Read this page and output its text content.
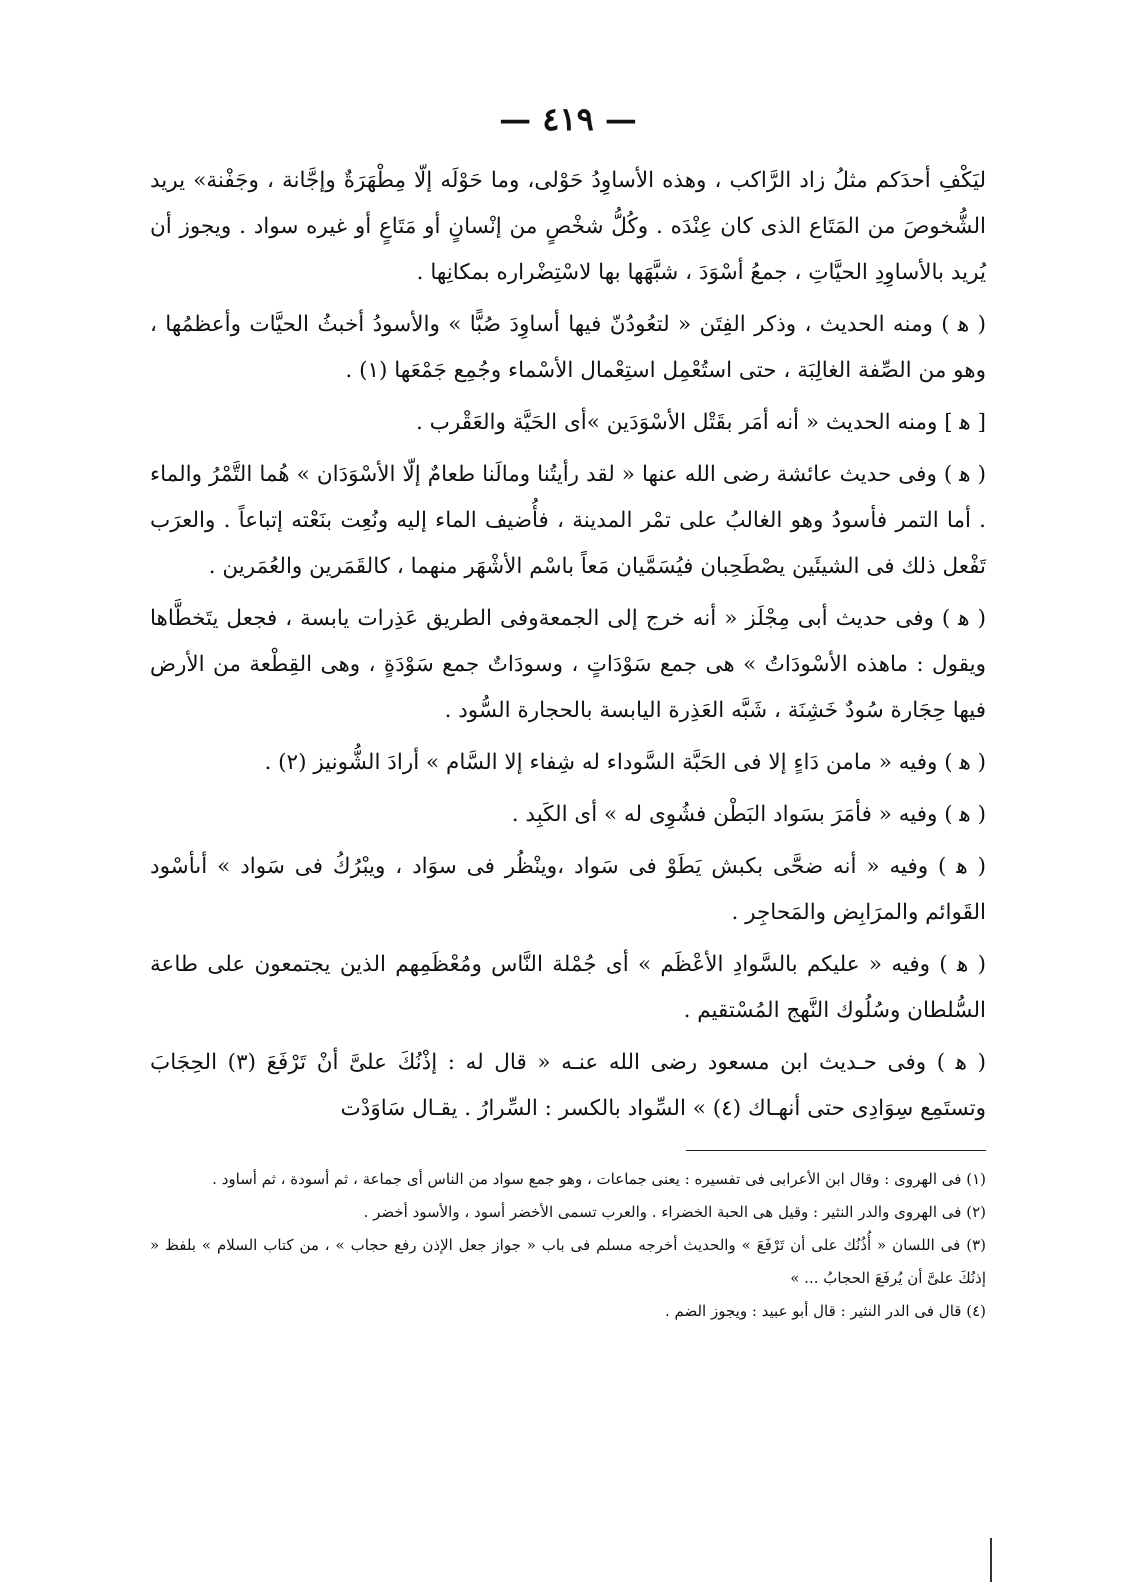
— ٤١٩ —

ليَكْفِ أحدَكم مثلُ زاد الرَّاكب ، وهذه الأساوِدُ حَوْلى، وما حَوْلَه إلّا مِطْهَرَةٌ وإجَّانة ، وجَفْنة» يريد الشُّخوصَ من المَتَاع الذى كان عِنْدَه . وكُلُّ شخْصٍ من إنْسانٍ أو مَتَاعٍ أو غيره سواد . ويجوز أن يُريد بالأساوِدِ الحيَّاتِ ، جمعُ أسْوَدَ ، شبَّهَها بها لاسْتِضْراره بمكانِها .

( ﻫ ) ومنه الحديث ، وذكر الفِتَن « لتعُودُنّ فيها أساوِدَ صُبًّا » والأسودُ أخبثُ الحيَّات وأعظمُها ، وهو من الصِّفة الغالِبَة ، حتى استُعْمِل استِعْمال الأسْماء وجُمِع جَمْعَها (١) .

[ ﻫ ] ومنه الحديث « أنه أمَر بقَتْل الأسْوَدَين »أى الحَيَّة والعَقْرب .

( ﻫ ) وفى حديث عائشة رضى الله عنها « لقد رأيتُنا ومالَنا طعامٌ إلّا الأسْوَدَان » هُما التَّمْرُ والماء . أما التمر فأسودُ وهو الغالبُ على تمْر المدينة ، فأُضيف الماء إليه ونُعِت بنَعْته إتباعاً . والعرَب تَفْعل ذلك فى الشيئَين يصْطَحِبان فيُسَمَّيان مَعاً باسْم الأشْهَر منهما ، كالقَمَرين والعُمَرين .

( ﻫ ) وفى حديث أبى مِجْلَز « أنه خرج إلى الجمعةوفى الطريق عَذِرات يابسة ، فجعل يتَخطَّاها ويقول : ماهذه الأسْودَاتُ » هى جمع سَوْدَاتٍ ، وسودَاتٌ جمع سَوْدَةٍ ، وهى القِطْعة من الأرض فيها حِجَارة سُودٌ خَشِنَة ، شَبَّه العَذِرة اليابسة بالحجارة السُّود .

( ﻫ ) وفيه « مامن دَاءٍ إلا فى الحَبَّة السَّوداء له شِفاء إلا السَّام » أرادَ الشُّونيز (٢) .

( ﻫ ) وفيه « فأمَرَ بسَواد البَطْن فشُوِى له » أى الكَبِد .

( ﻫ ) وفيه « أنه ضحَّى بكبش يَطَوْ فى سَواد ،وينْظُر فى سوَاد ، ويبْرُكُ فى سَواد » أىأسْود القَوائم والمرَابِض والمَحاجِر .

( ﻫ ) وفيه « عليكم بالسَّوادِ الأعْظَم » أى جُمْلة النَّاس ومُعْظَمِهم الذين يجتمعون على طاعة السُّلطان وسُلُوك النَّهج المُسْتقيم .

( ﻫ ) وفى حـديث ابن مسعود رضى الله عنـه « قال له : إذْنُكَ علىَّ أنْ تَرْفَعَ (٣) الحِجَابَ وتستَمِع سِوَادِى حتى أنهـاك (٤) » السِّواد بالكسر : السِّرارُ . يقـال سَاوَدْت

(١) فى الهروى : وقال ابن الأعرابى فى تفسيره : يعنى جماعات ، وهو جمع سواد من الناس أى جماعة ، ثم أسودة ، ثم أساود .

(٢) فى الهروى والدر النثير : وقيل هى الحبة الخضراء . والعرب تسمى الأخضر أسود ، والأسود أخضر .

(٣) فى اللسان « أُذُنُك على أن تَرْفَعَ » والحديث أخرجه مسلم فى باب « جواز جعل الإذن رفع حجاب » ، من كتاب السلام » بلفظ « إذنُكَ علىَّ أن يُرفَعَ الحجابُ ... »

(٤) قال فى الدر النثير : قال أبو عبيد : ويجوز الضم .
